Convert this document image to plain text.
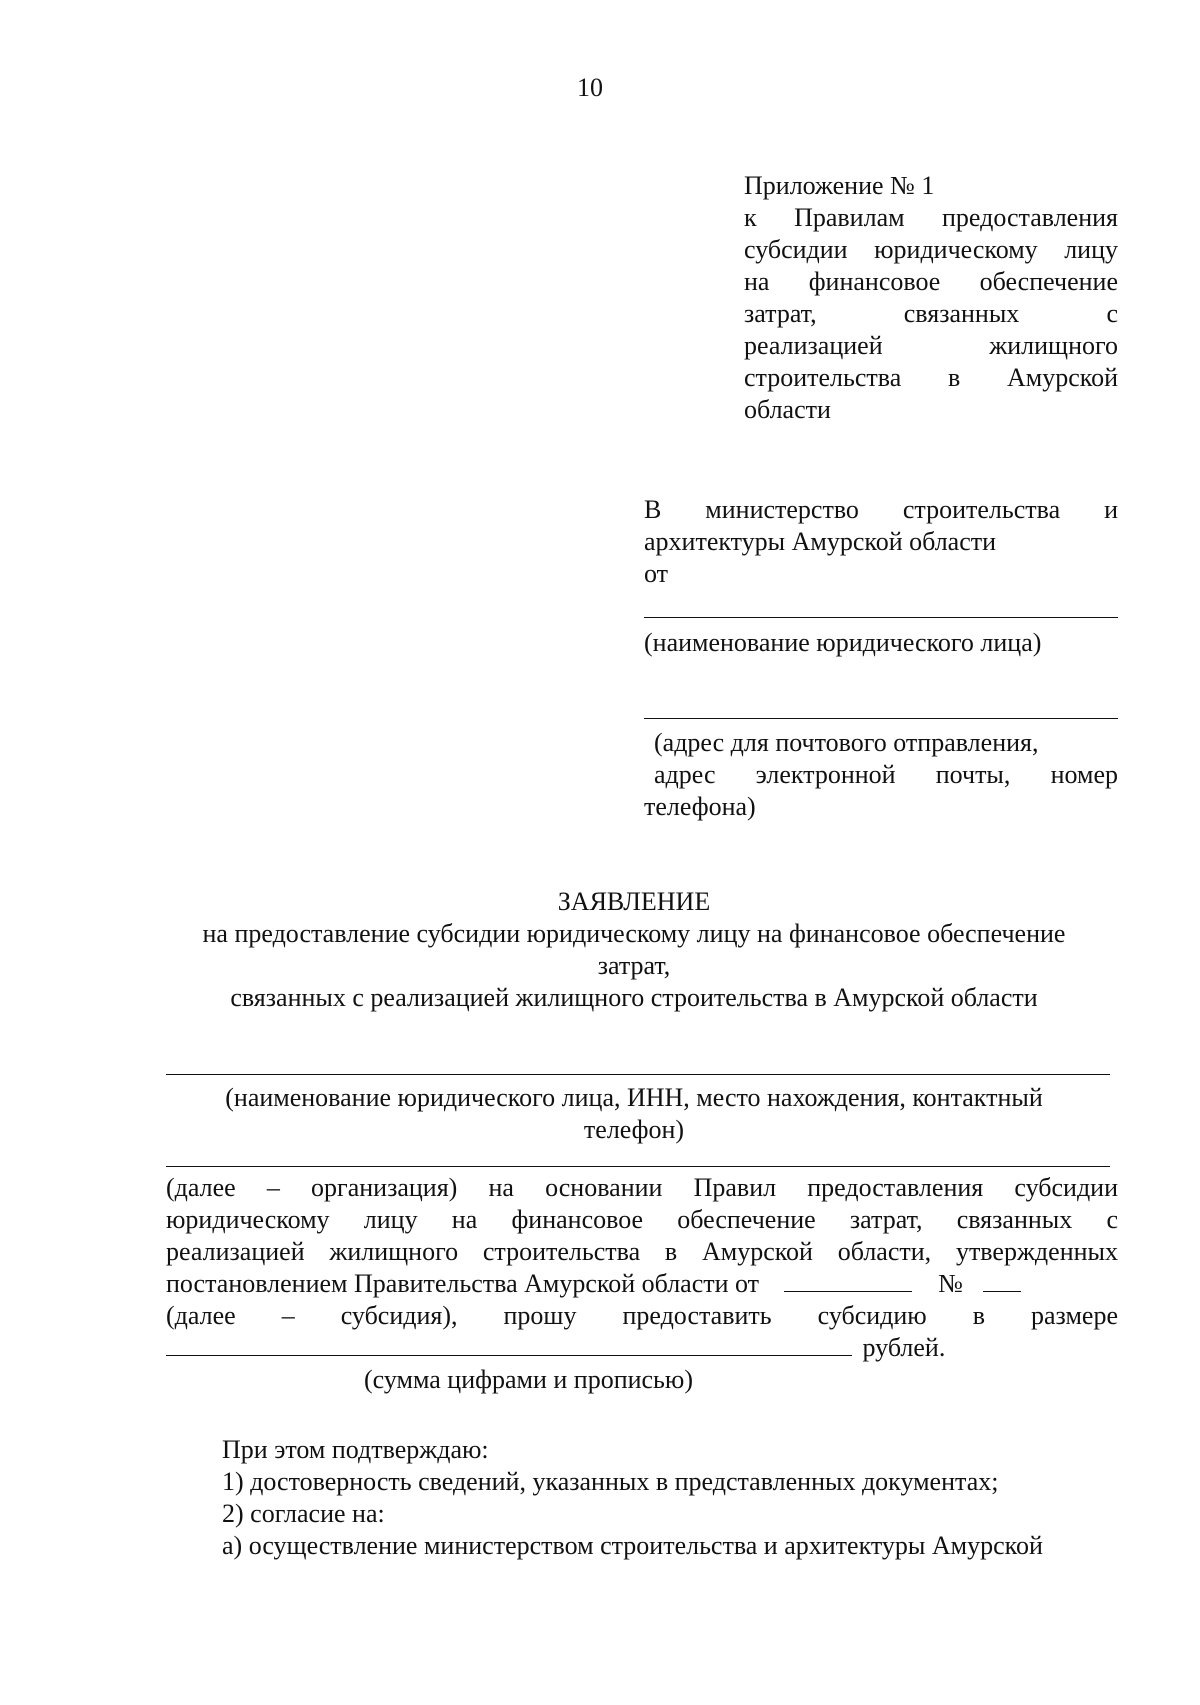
10
Приложение № 1
к Правилам предоставления
субсидии юридическому лицу
на финансовое обеспечение
затрат, связанных с
реализацией жилищного
строительства в Амурской
области
В министерство строительства и
архитектуры Амурской области
от
(наименование юридического лица)
(адрес для почтового отправления,
адрес электронной почты, номер
телефона)
ЗАЯВЛЕНИЕ
на предоставление субсидии юридическому лицу на финансовое обеспечение
затрат,
связанных с реализацией жилищного строительства в Амурской области
(наименование юридического лица, ИНН, место нахождения, контактный
телефон)
(далее – организация) на основании Правил предоставления субсидии
юридическому лицу на финансовое обеспечение затрат, связанных с
реализацией жилищного строительства в Амурской области, утвержденных
постановлением Правительства Амурской области от	№
(далее – субсидия), прошу предоставить субсидию в размере
рублей.
(сумма цифрами и прописью)
При этом подтверждаю:
1) достоверность сведений, указанных в представленных документах;
2) согласие на:
а) осуществление министерством строительства и архитектуры Амурской
